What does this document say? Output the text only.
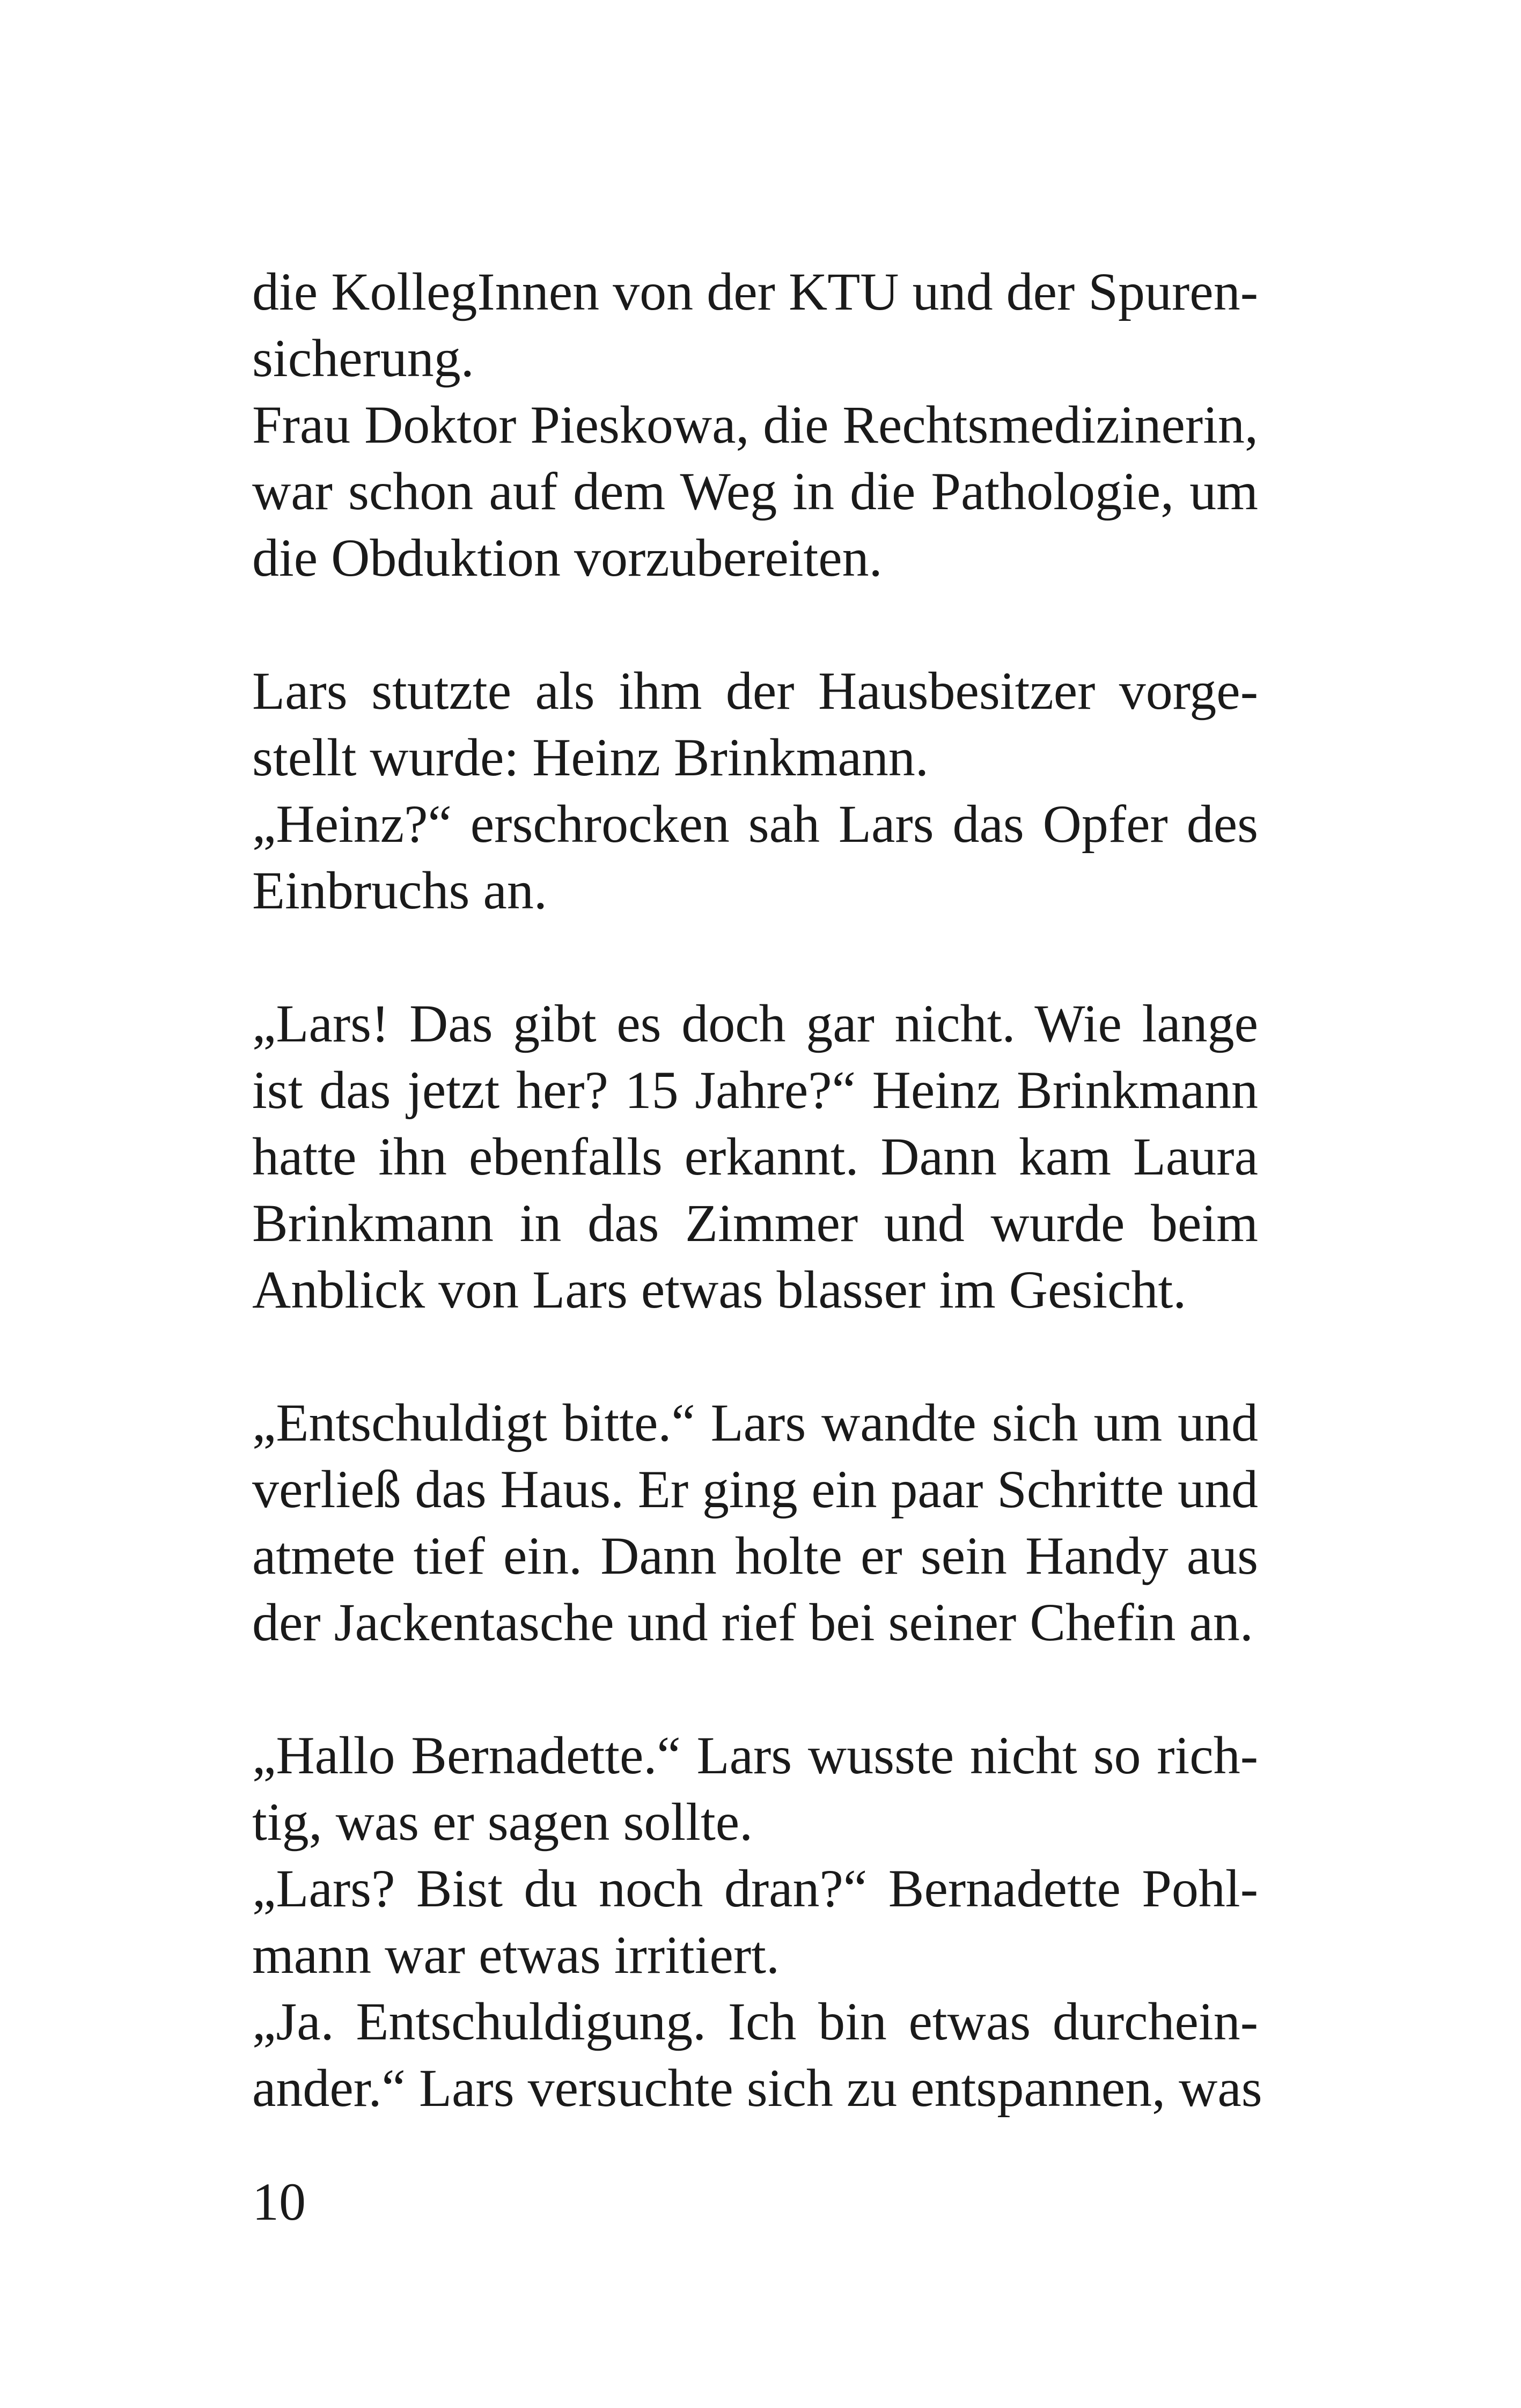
die KollegInnen von der KTU und der Spuren-
sicherung.
Frau Doktor Pieskowa, die Rechtsmedizinerin,
war schon auf dem Weg in die Pathologie, um
die Obduktion vorzubereiten.
Lars stutzte als ihm der Hausbesitzer vorge-
stellt wurde: Heinz Brinkmann.
„Heinz?“ erschrocken sah Lars das Opfer des
Einbruchs an.
„Lars! Das gibt es doch gar nicht. Wie lange
ist das jetzt her? 15 Jahre?“ Heinz Brinkmann
hatte ihn ebenfalls erkannt. Dann kam Laura
Brinkmann in das Zimmer und wurde beim
Anblick von Lars etwas blasser im Gesicht.
„Entschuldigt bitte.“ Lars wandte sich um und
verließ das Haus. Er ging ein paar Schritte und
atmete tief ein. Dann holte er sein Handy aus
der Jackentasche und rief bei seiner Chefin an.
„Hallo Bernadette.“ Lars wusste nicht so rich-
tig, was er sagen sollte.
„Lars? Bist du noch dran?“ Bernadette Pohl-
mann war etwas irritiert.
„Ja. Entschuldigung. Ich bin etwas durchein-
ander.“ Lars versuchte sich zu entspannen, was
10
